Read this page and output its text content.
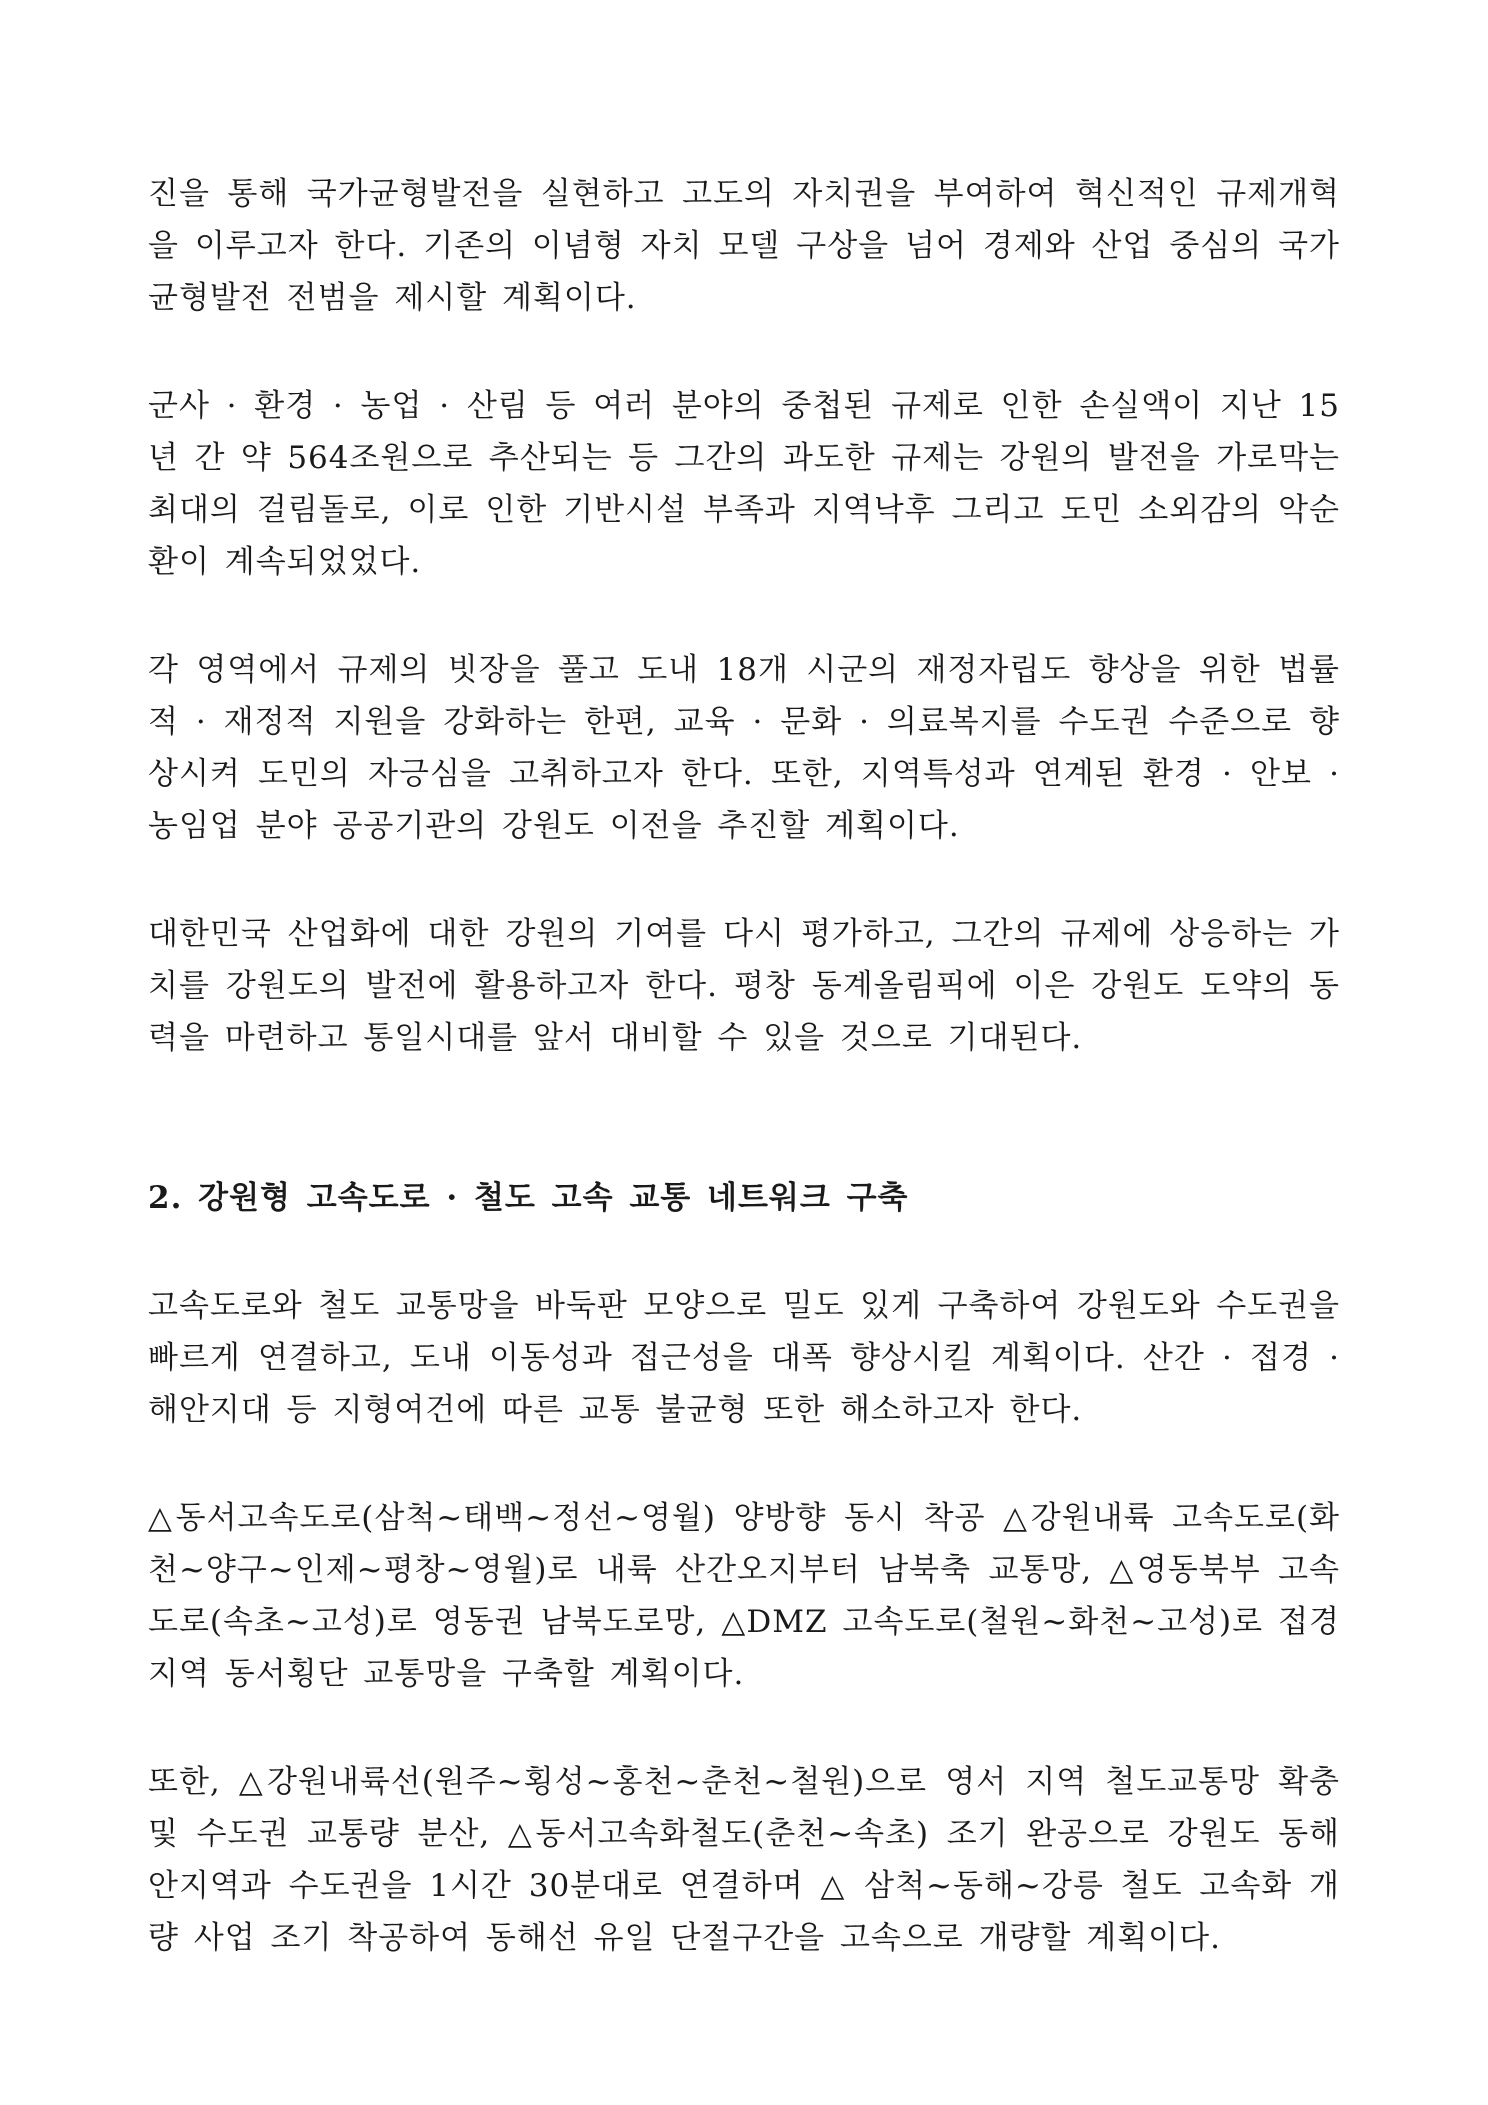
진을 통해 국가균형발전을 실현하고 고도의 자치권을 부여하여 혁신적인 규제개혁을 이루고자 한다. 기존의 이념형 자치 모델 구상을 넘어 경제와 산업 중심의 국가균형발전 전범을 제시할 계획이다.

군사 · 환경 · 농업 · 산림 등 여러 분야의 중첩된 규제로 인한 손실액이 지난 15년 간 약 564조원으로 추산되는 등 그간의 과도한 규제는 강원의 발전을 가로막는 최대의 걸림돌로, 이로 인한 기반시설 부족과 지역낙후 그리고 도민 소외감의 악순환이 계속되었었다.

각 영역에서 규제의 빗장을 풀고 도내 18개 시군의 재정자립도 향상을 위한 법률적 · 재정적 지원을 강화하는 한편, 교육 · 문화 · 의료복지를 수도권 수준으로 향상시켜 도민의 자긍심을 고취하고자 한다. 또한, 지역특성과 연계된 환경 · 안보 · 농임업 분야 공공기관의 강원도 이전을 추진할 계획이다.

대한민국 산업화에 대한 강원의 기여를 다시 평가하고, 그간의 규제에 상응하는 가치를 강원도의 발전에 활용하고자 한다. 평창 동계올림픽에 이은 강원도 도약의 동력을 마련하고 통일시대를 앞서 대비할 수 있을 것으로 기대된다.

2. 강원형 고속도로 · 철도 고속 교통 네트워크 구축

고속도로와 철도 교통망을 바둑판 모양으로 밀도 있게 구축하여 강원도와 수도권을 빠르게 연결하고, 도내 이동성과 접근성을 대폭 향상시킬 계획이다. 산간 · 접경 · 해안지대 등 지형여건에 따른 교통 불균형 또한 해소하고자 한다.

△동서고속도로(삼척~태백~정선~영월) 양방향 동시 착공 △강원내륙 고속도로(화천~양구~인제~평창~영월)로 내륙 산간오지부터 남북축 교통망, △영동북부 고속도로(속초~고성)로 영동권 남북도로망, △DMZ 고속도로(철원~화천~고성)로 접경지역 동서횡단 교통망을 구축할 계획이다.

또한, △강원내륙선(원주~횡성~홍천~춘천~철원)으로 영서 지역 철도교통망 확충 및 수도권 교통량 분산, △동서고속화철도(춘천~속초) 조기 완공으로 강원도 동해안지역과 수도권을 1시간 30분대로 연결하며 △ 삼척~동해~강릉 철도 고속화 개량 사업 조기 착공하여 동해선 유일 단절구간을 고속으로 개량할 계획이다.
